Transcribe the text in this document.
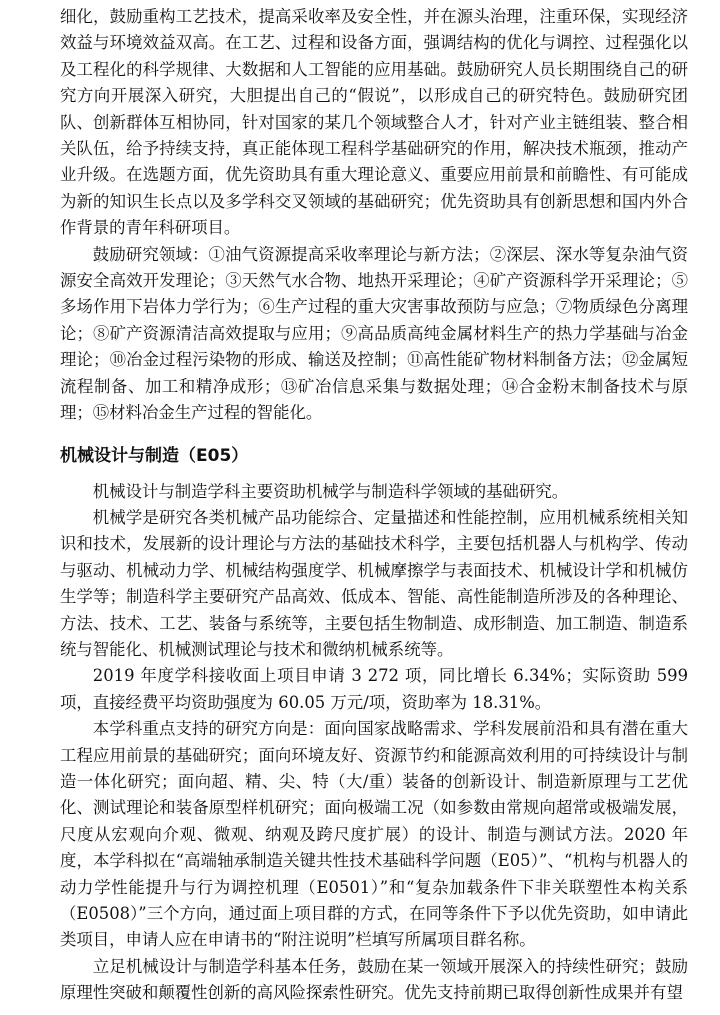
细化，鼓励重构工艺技术，提高采收率及安全性，并在源头治理，注重环保，实现经济效益与环境效益双高。在工艺、过程和设备方面，强调结构的优化与调控、过程强化以及工程化的科学规律、大数据和人工智能的应用基础。鼓励研究人员长期围绕自己的研究方向开展深入研究，大胆提出自己的“假说”，以形成自己的研究特色。鼓励研究团队、创新群体互相协同，针对国家的某几个领域整合人才，针对产业主链组装、整合相关队伍，给予持续支持，真正能体现工程科学基础研究的作用，解决技术瓶颈，推动产业升级。在选题方面，优先资助具有重大理论意义、重要应用前景和前瞻性、有可能成为新的知识生长点以及多学科交叉领域的基础研究；优先资助具有创新思想和国内外合作背景的青年科研项目。

鼓励研究领域：①油气资源提高采收率理论与新方法；②深层、深水等复杂油气资源安全高效开发理论；③天然气水合物、地热开采理论；④矿产资源科学开采理论；⑤多场作用下岩体力学行为；⑥生产过程的重大灾害事故预防与应急；⑦物质绿色分离理论；⑧矿产资源清洁高效提取与应用；⑨高品质高纯金属材料生产的热力学基础与冶金理论；⑩冶金过程污染物的形成、输送及控制；⑪高性能矿物材料制备方法；⑫金属短流程制备、加工和精净成形；⑬矿冶信息采集与数据处理；⑭合金粉末制备技术与原理；⑮材料冶金生产过程的智能化。

机械设计与制造（E05）

机械设计与制造学科主要资助机械学与制造科学领域的基础研究。

机械学是研究各类机械产品功能综合、定量描述和性能控制，应用机械系统相关知识和技术，发展新的设计理论与方法的基础技术科学，主要包括机器人与机构学、传动与驱动、机械动力学、机械结构强度学、机械摩擦学与表面技术、机械设计学和机械仿生学等；制造科学主要研究产品高效、低成本、智能、高性能制造所涉及的各种理论、方法、技术、工艺、装备与系统等，主要包括生物制造、成形制造、加工制造、制造系统与智能化、机械测试理论与技术和微纳机械系统等。

2019 年度学科接收面上项目申请 3 272 项，同比增长 6.34%；实际资助 599 项，直接经费平均资助强度为 60.05 万元/项，资助率为 18.31%。

本学科重点支持的研究方向是：面向国家战略需求、学科发展前沿和具有潜在重大工程应用前景的基础研究；面向环境友好、资源节约和能源高效利用的可持续设计与制造一体化研究；面向超、精、尖、特（大/重）装备的创新设计、制造新原理与工艺优化、测试理论和装备原型样机研究；面向极端工况（如参数由常规向超常或极端发展，尺度从宏观向介观、微观、纳观及跨尺度扩展）的设计、制造与测试方法。2020 年度，本学科拟在“高端轴承制造关键共性技术基础科学问题（E05）”、“机构与机器人的动力学性能提升与行为调控机理（E0501）”和“复杂加载条件下非关联塑性本构关系（E0508）”三个方向，通过面上项目群的方式，在同等条件下予以优先资助，如申请此类项目，申请人应在申请书的“附注说明”栏填写所属项目群名称。

立足机械设计与制造学科基本任务，鼓励在某一领域开展深入的持续性研究；鼓励原理性突破和颠覆性创新的高风险探索性研究。优先支持前期已取得创新性成果并有望
